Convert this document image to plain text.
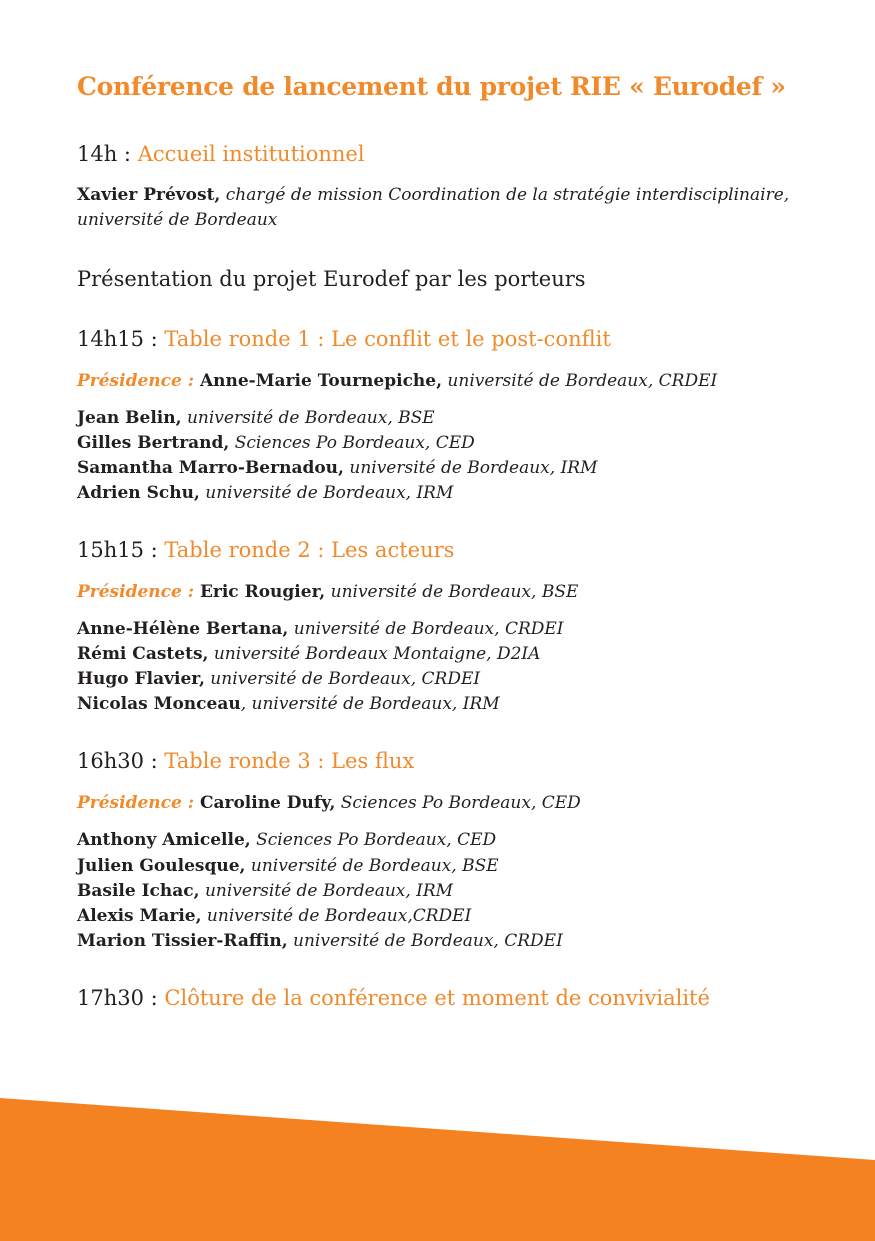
Conférence de lancement du projet RIE « Eurodef »
14h : Accueil institutionnel
Xavier Prévost, chargé de mission Coordination de la stratégie interdisciplinaire,
université de Bordeaux
Présentation du projet Eurodef par les porteurs
14h15 : Table ronde 1 : Le conflit et le post-conflit
Présidence : Anne-Marie Tournepiche, université de Bordeaux, CRDEI
Jean Belin, université de Bordeaux, BSE
Gilles Bertrand, Sciences Po Bordeaux, CED
Samantha Marro-Bernadou, université de Bordeaux, IRM
Adrien Schu, université de Bordeaux, IRM
15h15 : Table ronde 2 : Les acteurs
Présidence : Eric Rougier, université de Bordeaux, BSE
Anne-Hélène Bertana, université de Bordeaux, CRDEI
Rémi Castets, université Bordeaux Montaigne, D2IA
Hugo Flavier, université de Bordeaux, CRDEI
Nicolas Monceau, université de Bordeaux, IRM
16h30 : Table ronde 3 : Les flux
Présidence : Caroline Dufy, Sciences Po Bordeaux, CED
Anthony Amicelle, Sciences Po Bordeaux, CED
Julien Goulesque, université de Bordeaux, BSE
Basile Ichac, université de Bordeaux, IRM
Alexis Marie, université de Bordeaux,CRDEI
Marion Tissier-Raffin, université de Bordeaux, CRDEI
17h30 : Clôture de la conférence et moment de convivialité
